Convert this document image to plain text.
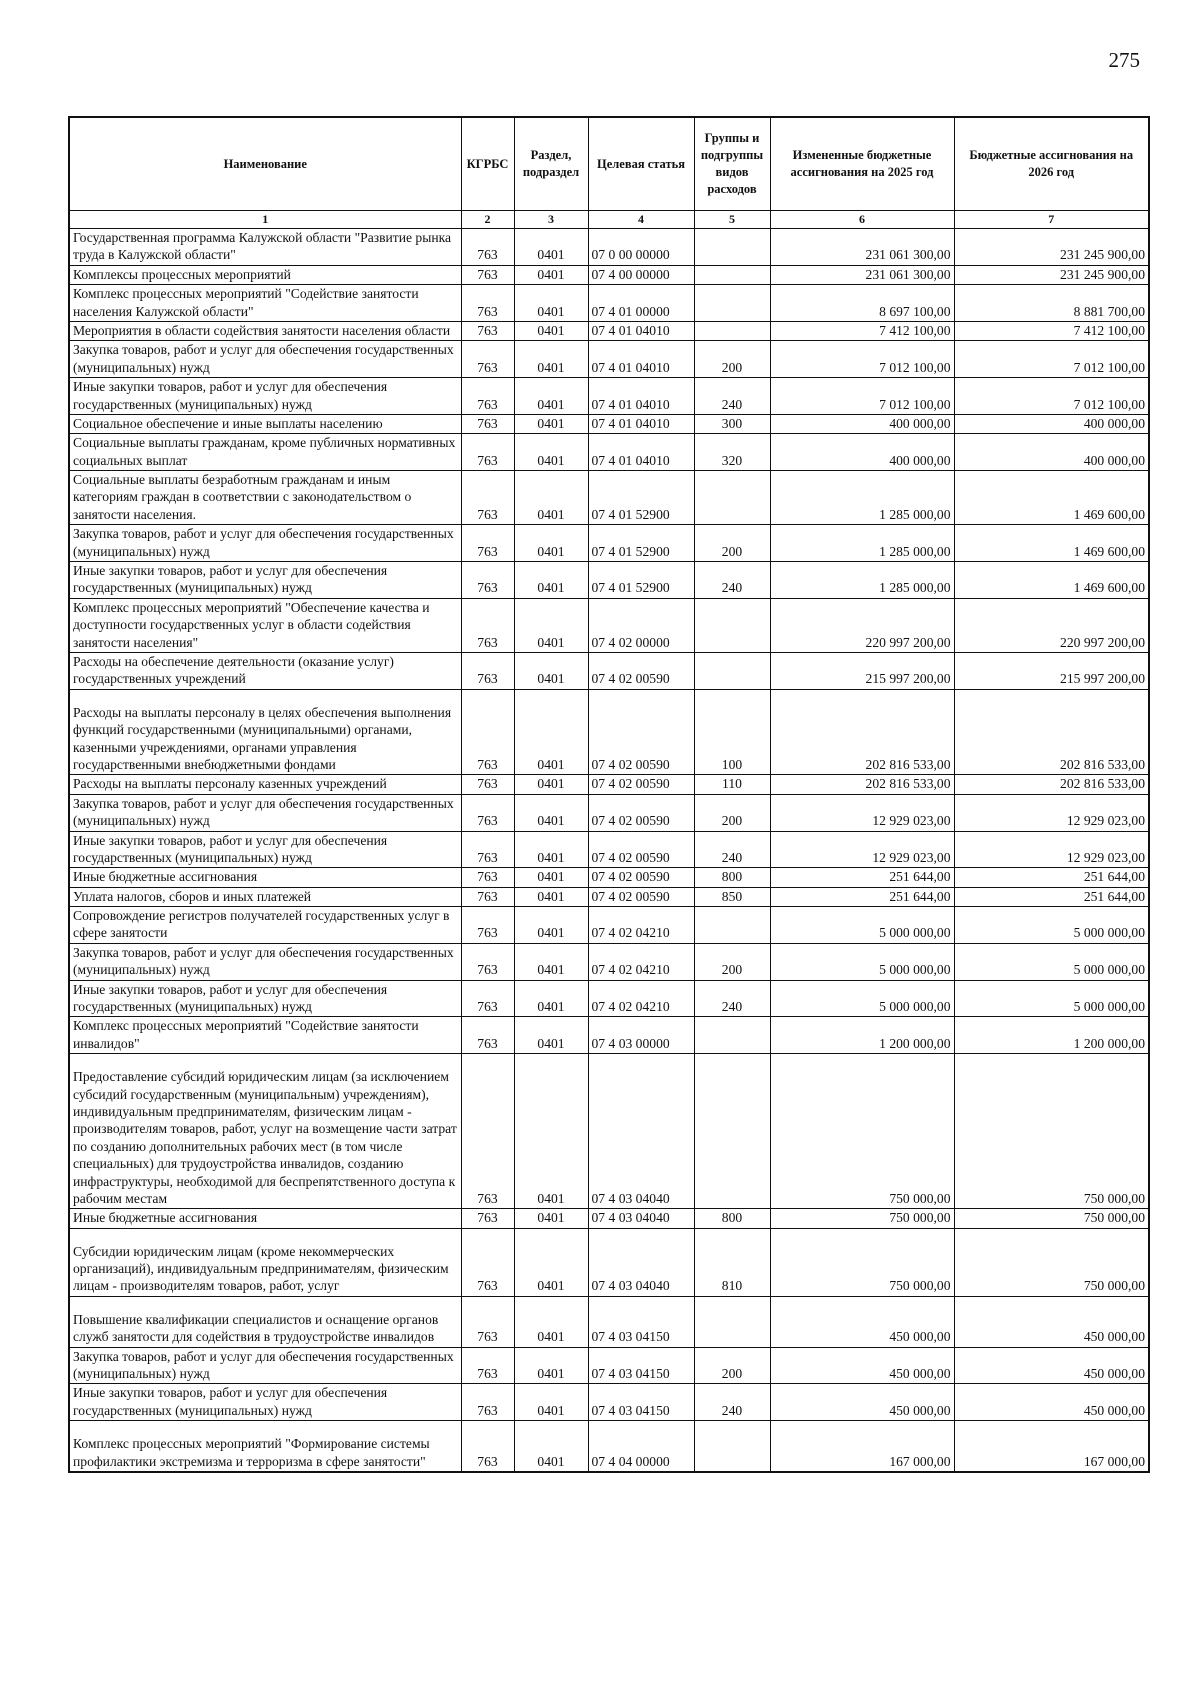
275
Наименование	КГРБС	Раздел, подраздел	Целевая статья	Группы и подгруппы видов расходов	Измененные бюджетные ассигнования на 2025 год	Бюджетные ассигнования на 2026 год
1	2	3	4	5	6	7
Государственная программа Калужской области "Развитие рынка труда в Калужской области"	763	0401	07 0 00 00000		231 061 300,00	231 245 900,00
Комплексы процессных мероприятий	763	0401	07 4 00 00000		231 061 300,00	231 245 900,00
Комплекс процессных мероприятий "Содействие занятости населения Калужской области"	763	0401	07 4 01 00000		8 697 100,00	8 881 700,00
Мероприятия в области содействия занятости населения области	763	0401	07 4 01 04010		7 412 100,00	7 412 100,00
Закупка товаров, работ и услуг для обеспечения государственных (муниципальных) нужд	763	0401	07 4 01 04010	200	7 012 100,00	7 012 100,00
Иные закупки товаров, работ и услуг для обеспечения государственных (муниципальных) нужд	763	0401	07 4 01 04010	240	7 012 100,00	7 012 100,00
Социальное обеспечение и иные выплаты населению	763	0401	07 4 01 04010	300	400 000,00	400 000,00
Социальные выплаты гражданам, кроме публичных нормативных социальных выплат	763	0401	07 4 01 04010	320	400 000,00	400 000,00
Социальные выплаты безработным гражданам и иным категориям граждан в соответствии с законодательством о занятости населения.	763	0401	07 4 01 52900		1 285 000,00	1 469 600,00
Закупка товаров, работ и услуг для обеспечения государственных (муниципальных) нужд	763	0401	07 4 01 52900	200	1 285 000,00	1 469 600,00
Иные закупки товаров, работ и услуг для обеспечения государственных (муниципальных) нужд	763	0401	07 4 01 52900	240	1 285 000,00	1 469 600,00
Комплекс процессных мероприятий "Обеспечение качества и доступности государственных услуг в области содействия занятости населения"	763	0401	07 4 02 00000		220 997 200,00	220 997 200,00
Расходы на обеспечение деятельности (оказание услуг) государственных учреждений	763	0401	07 4 02 00590		215 997 200,00	215 997 200,00
Расходы на выплаты персоналу в целях обеспечения выполнения функций государственными (муниципальными) органами, казенными учреждениями, органами управления государственными внебюджетными фондами	763	0401	07 4 02 00590	100	202 816 533,00	202 816 533,00
Расходы на выплаты персоналу казенных учреждений	763	0401	07 4 02 00590	110	202 816 533,00	202 816 533,00
Закупка товаров, работ и услуг для обеспечения государственных (муниципальных) нужд	763	0401	07 4 02 00590	200	12 929 023,00	12 929 023,00
Иные закупки товаров, работ и услуг для обеспечения государственных (муниципальных) нужд	763	0401	07 4 02 00590	240	12 929 023,00	12 929 023,00
Иные бюджетные ассигнования	763	0401	07 4 02 00590	800	251 644,00	251 644,00
Уплата налогов, сборов и иных платежей	763	0401	07 4 02 00590	850	251 644,00	251 644,00
Сопровождение регистров получателей государственных услуг в сфере занятости	763	0401	07 4 02 04210		5 000 000,00	5 000 000,00
Закупка товаров, работ и услуг для обеспечения государственных (муниципальных) нужд	763	0401	07 4 02 04210	200	5 000 000,00	5 000 000,00
Иные закупки товаров, работ и услуг для обеспечения государственных (муниципальных) нужд	763	0401	07 4 02 04210	240	5 000 000,00	5 000 000,00
Комплекс процессных мероприятий "Содействие занятости инвалидов"	763	0401	07 4 03 00000		1 200 000,00	1 200 000,00
Предоставление субсидий юридическим лицам (за исключением субсидий государственным (муниципальным) учреждениям), индивидуальным предпринимателям, физическим лицам - производителям товаров, работ, услуг на возмещение части затрат по созданию дополнительных рабочих мест (в том числе специальных) для трудоустройства инвалидов, созданию инфраструктуры, необходимой для беспрепятственного доступа к рабочим местам	763	0401	07 4 03 04040		750 000,00	750 000,00
Иные бюджетные ассигнования	763	0401	07 4 03 04040	800	750 000,00	750 000,00
Субсидии юридическим лицам (кроме некоммерческих организаций), индивидуальным предпринимателям, физическим лицам - производителям товаров, работ, услуг	763	0401	07 4 03 04040	810	750 000,00	750 000,00
Повышение квалификации специалистов и оснащение органов служб занятости для содействия в трудоустройстве инвалидов	763	0401	07 4 03 04150		450 000,00	450 000,00
Закупка товаров, работ и услуг для обеспечения государственных (муниципальных) нужд	763	0401	07 4 03 04150	200	450 000,00	450 000,00
Иные закупки товаров, работ и услуг для обеспечения государственных (муниципальных) нужд	763	0401	07 4 03 04150	240	450 000,00	450 000,00
Комплекс процессных мероприятий "Формирование системы профилактики экстремизма и терроризма в сфере занятости"	763	0401	07 4 04 00000		167 000,00	167 000,00
